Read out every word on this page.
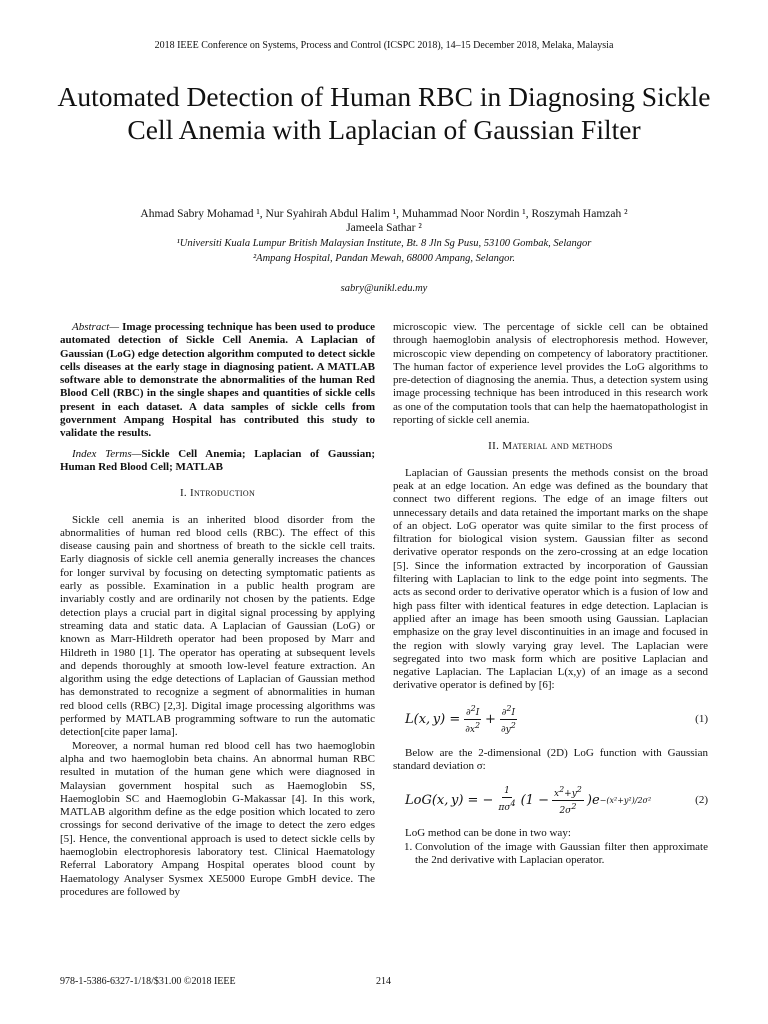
2018 IEEE Conference on Systems, Process and Control (ICSPC 2018), 14–15 December 2018, Melaka, Malaysia
Automated Detection of Human RBC in Diagnosing Sickle Cell Anemia with Laplacian of Gaussian Filter
Ahmad Sabry Mohamad ¹, Nur Syahirah Abdul Halim ¹, Muhammad Noor Nordin ¹, Roszymah Hamzah ²
Jameela Sathar ²
¹Universiti Kuala Lumpur British Malaysian Institute, Bt. 8 Jln Sg Pusu, 53100 Gombak, Selangor
²Ampang Hospital, Pandan Mewah, 68000 Ampang, Selangor.
sabry@unikl.edu.my

Abstract— Image processing technique has been used to produce automated detection of Sickle Cell Anemia. A Laplacian of Gaussian (LoG) edge detection algorithm computed to detect sickle cells diseases at the early stage in diagnosing patient. A MATLAB software able to demonstrate the abnormalities of the human Red Blood Cell (RBC) in the single shapes and quantities of sickle cells present in each dataset. A data samples of sickle cells from government Ampang Hospital has contributed this study to validate the results.

Index Terms—Sickle Cell Anemia; Laplacian of Gaussian; Human Red Blood Cell; MATLAB

I. Introduction

Sickle cell anemia is an inherited blood disorder from the abnormalities of human red blood cells (RBC). The effect of this disease causing pain and shortness of breath to the sickle cell traits. Early diagnosis of sickle cell anemia generally increases the chances for longer survival by focusing on detecting symptomatic patients as early as possible. Examination in a public health program are invariably costly and are ordinarily not chosen by the patients. Edge detection plays a crucial part in digital signal processing by applying streaming data and static data. A Laplacian of Gaussian (LoG) or known as Marr-Hildreth operator had been proposed by Marr and Hildreth in 1980 [1]. The operator has operating at subsequent levels and depends thoroughly at smooth low-level feature extraction. An algorithm using the edge detections of Laplacian of Gaussian method has demonstrated to recognize a segment of abnormalities in human red blood cells (RBC) [2,3]. Digital image processing algorithms was performed by MATLAB programming software to run the automatic detection[cite paper lama].

Moreover, a normal human red blood cell has two haemoglobin alpha and two haemoglobin beta chains. An abnormal human RBC resulted in mutation of the human gene which were diagnosed in Malaysian government hospital such as Haemoglobin SS, Haemoglobin SC and Haemoglobin G-Makassar [4]. In this work, MATLAB algorithm define as the edge position which located to zero crossings for second derivative of the image to detect the zero edges [5]. Hence, the conventional approach is used to detect sickle cells by haemoglobin electrophoresis laboratory test. Clinical Haematology Referral Laboratory Ampang Hospital operates blood count by Haematology Analyser Sysmex XE5000 Europe GmbH device. The procedures are followed by

microscopic view. The percentage of sickle cell can be obtained through haemoglobin analysis of electrophoresis method. However, microscopic view depending on competency of laboratory practitioner. The human factor of experience level provides the LoG algorithms to pre-detection of diagnosing the anemia. Thus, a detection system using image processing technique has been introduced in this research work as one of the computation tools that can help the haematopathologist in reporting of sickle cell anemia.

II. Material and methods

Laplacian of Gaussian presents the methods consist on the broad peak at an edge location. An edge was defined as the boundary that connect two different regions. The edge of an image filters out unnecessary details and data retained the important marks on the shape of an object. LoG operator was quite similar to the first process of filtration for biological vision system. Gaussian filter as second derivative operator responds on the zero-crossing at an edge location [5]. Since the information extracted by incorporation of Gaussian filtering with Laplacian to link to the edge point into segments. The acts as second order to derivative operator which is a fusion of low and high pass filter with identical features in edge detection. Laplacian is applied after an image has been smooth using Gaussian. Laplacian emphasize on the gray level discontinuities in an image and focused in the region with slowly varying gray level. The Laplacian were segregated into two mask form which are positive Laplacian and negative Laplacian. The Laplacian L(x,y) of an image as a second derivative operator is defined by [6]:

L(x, $y) = \frac{\partial 2I}{\partial x2} + \frac{\partial 2I}{\partial y2}$	(1)

Below are the 2-dimensional (2D) LoG function with Gaussian standard deviation σ:

LoG(x, y) = − $\frac{1}{\pi\sigma 4} (1 - \frac{x2+y2}{2\sigma 2} )e -(x^2+y^2)/2\sigma^2$	(2)

LoG method can be done in two way:

1. Convolution of the image with Gaussian filter then approximate the 2nd derivative with Laplacian operator.
978-1-5386-6327-1/18/$31.00 ©2018 IEEE	214
